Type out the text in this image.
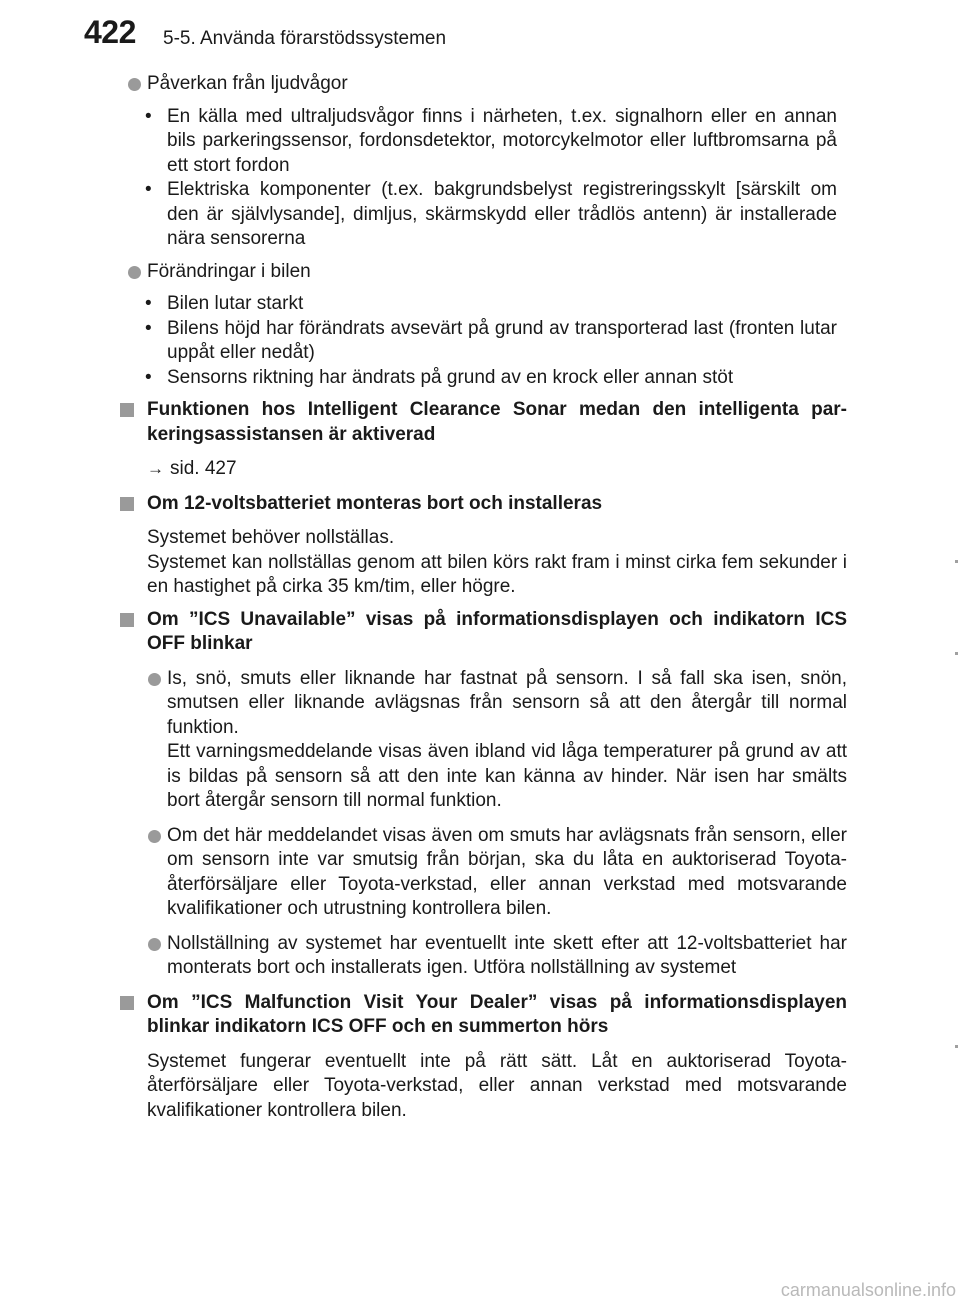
422 5-5. Använda förarstödssystemen

Påverkan från ljudvågor

• En källa med ultraljudsvågor finns i närheten, t.ex. signalhorn eller en annan bils parkeringssensor, fordonsdetektor, motorcykelmotor eller luftbromsarna på ett stort fordon

• Elektriska komponenter (t.ex. bakgrundsbelyst registreringsskylt [särskilt om den är självlysande], dimljus, skärmskydd eller trådlös antenn) är installerade nära sensorerna

Förändringar i bilen

• Bilen lutar starkt

• Bilens höjd har förändrats avsevärt på grund av transporterad last (fronten lutar uppåt eller nedåt)

• Sensorns riktning har ändrats på grund av en krock eller annan stöt

Funktionen hos Intelligent Clearance Sonar medan den intelligenta parkeringsassistansen är aktiverad

→ sid. 427

Om 12-voltsbatteriet monteras bort och installeras

Systemet behöver nollställas.

Systemet kan nollställas genom att bilen körs rakt fram i minst cirka fem sekunder i en hastighet på cirka 35 km/tim, eller högre.

Om ”ICS Unavailable” visas på informationsdisplayen och indikatorn ICS OFF blinkar

Is, snö, smuts eller liknande har fastnat på sensorn. I så fall ska isen, snön, smutsen eller liknande avlägsnas från sensorn så att den återgår till normal funktion.
Ett varningsmeddelande visas även ibland vid låga temperaturer på grund av att is bildas på sensorn så att den inte kan känna av hinder. När isen har smälts bort återgår sensorn till normal funktion.

Om det här meddelandet visas även om smuts har avlägsnats från sensorn, eller om sensorn inte var smutsig från början, ska du låta en auktoriserad Toyota-återförsäljare eller Toyota-verkstad, eller annan verkstad med motsvarande kvalifikationer och utrustning kontrollera bilen.

Nollställning av systemet har eventuellt inte skett efter att 12-voltsbatteriet har monterats bort och installerats igen. Utföra nollställning av systemet

Om ”ICS Malfunction Visit Your Dealer” visas på informationsdisplayen blinkar indikatorn ICS OFF och en summerton hörs

Systemet fungerar eventuellt inte på rätt sätt. Låt en auktoriserad Toyota-återförsäljare eller Toyota-verkstad, eller annan verkstad med motsvarande kvalifikationer kontrollera bilen.

carmanualsonline.info
